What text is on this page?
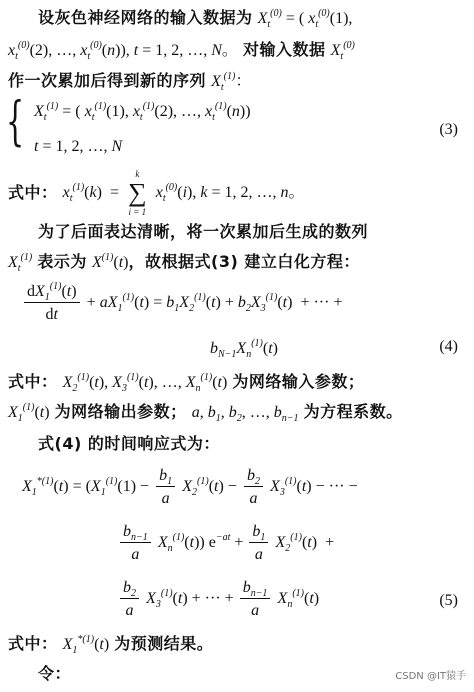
设灰色神经网络的输入数据为 $X_t^{(0)}$ = ( $x_t^{(0)}(1)$,
$x_t^{(0)}(2)$, …, $x_t^{(0)}(n)$), t = 1, 2, …, N。 对输入数据 $X_t^{(0)}$
作一次累加后得到新的序列 $X_t^{(1)}$：
{ $X_t^{(1)}$ = ( $x_t^{(1)}(1)$, $x_t^{(1)}(2)$, …, $x_t^{(1)}(n)$)
(3)
t = 1, 2, …, N
式中： $x_t^{(1)}(k)$ =
k
∑
i = 1
$x_t^{(0)}(i)$, k = 1, 2, …, n。
为了后面表达清晰，将一次累加后生成的数列
$X_t^{(1)}$ 表示为 $X^{(1)}(t)$，故根据式(3) 建立白化方程：
$\frac{dX_1^{(1)}(t)}{dt} + aX_1^{(1)}(t) = b_1X_2^{(1)}(t) + b_2X_3^{(1)}(t)$  + ··· +
$b_{N-1}X_n^{(1)}(t)$	(4)
式中： $X_2^{(1)}(t)$, $X_3^{(1)}(t)$, …, $X_n^{(1)}(t)$ 为网络输入参数；
$X_1^{(1)}(t)$ 为网络输出参数； a, $b_1$, $b_2$, …, $b_{n-1}$ 为方程系数。
式(4) 的时间响应式为：
$X_1^{*(1)}(t) = (X_1^{(1)}(1) - \frac{b_1}{a} X_2^{(1)}(t) - \frac{b_2}{a} X_3^{(1)}(t)$ − ··· −
$\frac{b_{n-1}}{a} X_n^{(1)}(t)$) $e^{-at} + \frac{b_1}{a} X_2^{(1)}(t)$  +
$\frac{b_2}{a} X_3^{(1)}(t)$ + ··· + $\frac{b_{n-1}}{a} X_n^{(1)}(t)$	(5)
式中： $X_1^{*(1)}(t)$ 为预测结果。
令：	CSDN @IT猿手
